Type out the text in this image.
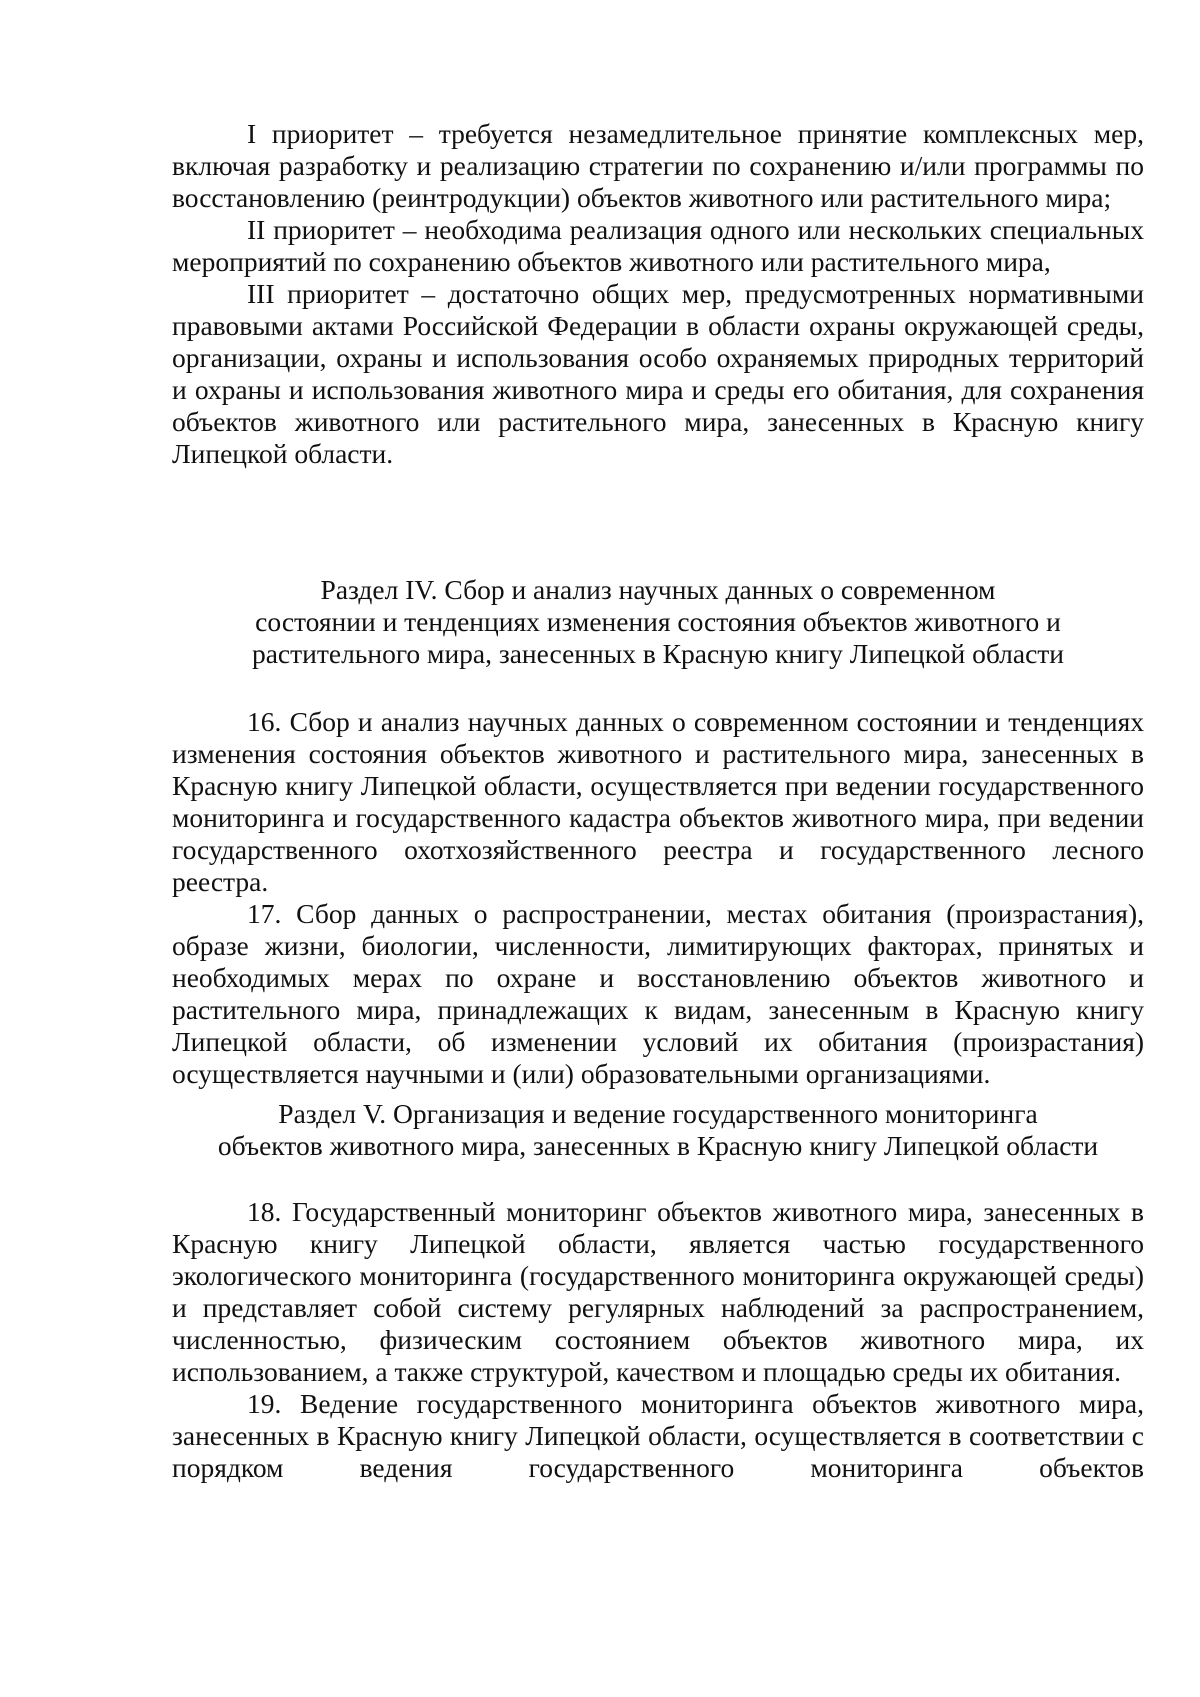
I приоритет – требуется незамедлительное принятие комплексных мер, включая разработку и реализацию стратегии по сохранению и/или программы по восстановлению (реинтродукции) объектов животного или растительного мира;

II приоритет – необходима реализация одного или нескольких специальных мероприятий по сохранению объектов животного или растительного мира,

III приоритет – достаточно общих мер, предусмотренных нормативными правовыми актами Российской Федерации в области охраны окружающей среды, организации, охраны и использования особо охраняемых природных территорий и охраны и использования животного мира и среды его обитания, для сохранения объектов животного или растительного мира, занесенных в Красную книгу Липецкой области.

Раздел IV. Сбор и анализ научных данных о современном
состоянии и тенденциях изменения состояния объектов животного и
растительного мира, занесенных в Красную книгу Липецкой области

16. Сбор и анализ научных данных о современном состоянии и тенденциях изменения состояния объектов животного и растительного мира, занесенных в Красную книгу Липецкой области, осуществляется при ведении государственного мониторинга и государственного кадастра объектов животного мира, при ведении государственного охотхозяйственного реестра и государственного лесного реестра.

17. Сбор данных о распространении, местах обитания (произрастания), образе жизни, биологии, численности, лимитирующих факторах, принятых и необходимых мерах по охране и восстановлению объектов животного и растительного мира, принадлежащих к видам, занесенным в Красную книгу Липецкой области, об изменении условий их обитания (произрастания) осуществляется научными и (или) образовательными организациями.

Раздел V. Организация и ведение государственного мониторинга
объектов животного мира, занесенных в Красную книгу Липецкой области

18. Государственный мониторинг объектов животного мира, занесенных в Красную книгу Липецкой области, является частью государственного экологического мониторинга (государственного мониторинга окружающей среды) и представляет собой систему регулярных наблюдений за распространением, численностью, физическим состоянием объектов животного мира, их использованием, а также структурой, качеством и площадью среды их обитания.

19. Ведение государственного мониторинга объектов животного мира, занесенных в Красную книгу Липецкой области, осуществляется в соответствии с порядком ведения государственного мониторинга объектов
